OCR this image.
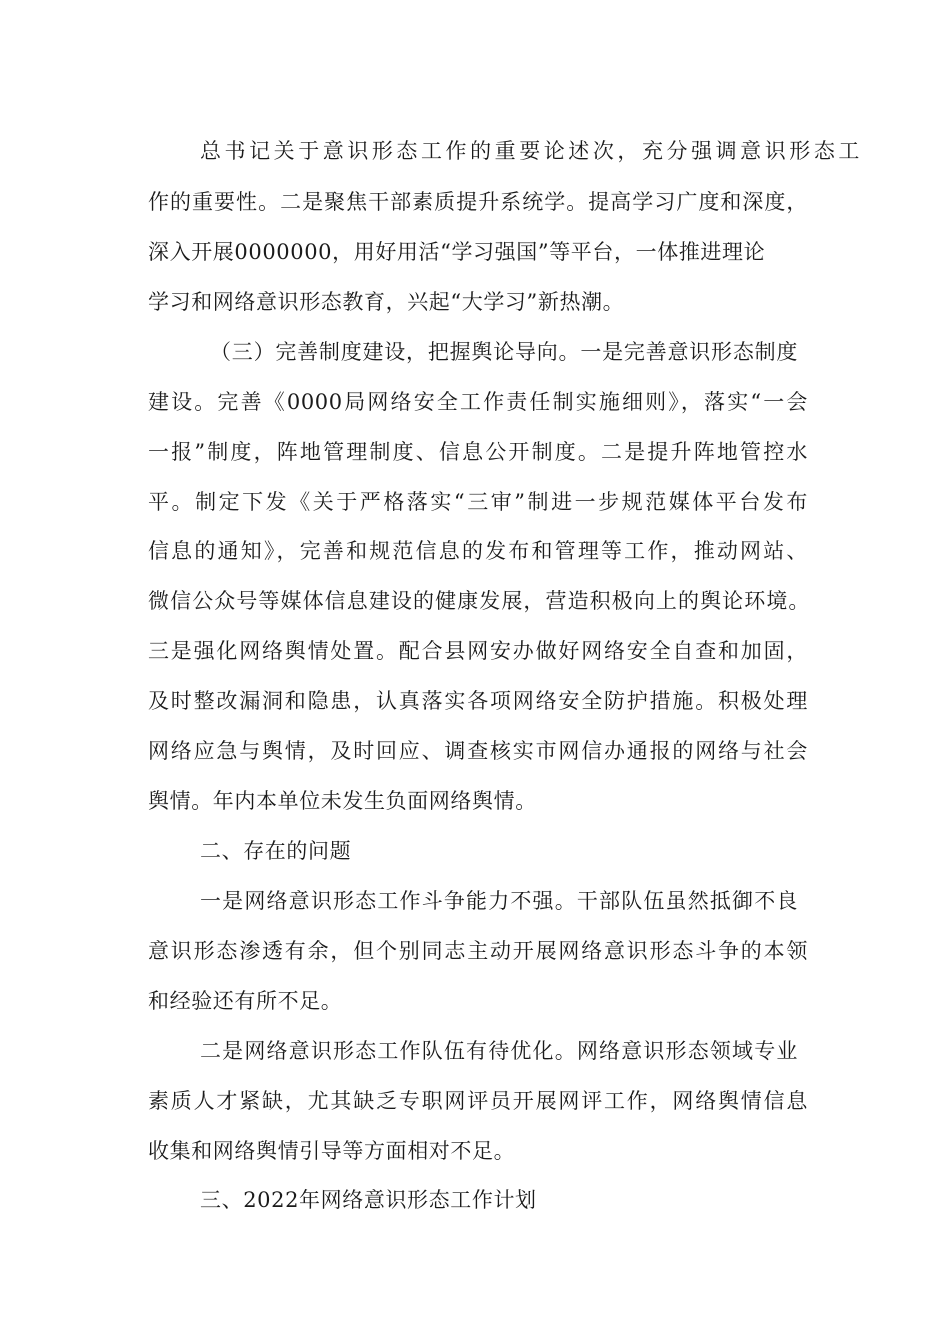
总书记关于意识形态工作的重要论述次，充分强调意识形态工
作的重要性。二是聚焦干部素质提升系统学。提高学习广度和深度，
深入开展0000000，用好用活“学习强国”等平台，一体推进理论
学习和网络意识形态教育，兴起“大学习”新热潮。
（三）完善制度建设，把握舆论导向。一是完善意识形态制度
建设。完善《0000局网络安全工作责任制实施细则》，落实“一会
一报”制度，阵地管理制度、信息公开制度。二是提升阵地管控水
平。制定下发《关于严格落实“三审”制进一步规范媒体平台发布
信息的通知》，完善和规范信息的发布和管理等工作，推动网站、
微信公众号等媒体信息建设的健康发展，营造积极向上的舆论环境。
三是强化网络舆情处置。配合县网安办做好网络安全自查和加固，
及时整改漏洞和隐患，认真落实各项网络安全防护措施。积极处理
网络应急与舆情，及时回应、调查核实市网信办通报的网络与社会
舆情。年内本单位未发生负面网络舆情。
二、存在的问题
一是网络意识形态工作斗争能力不强。干部队伍虽然抵御不良
意识形态渗透有余，但个别同志主动开展网络意识形态斗争的本领
和经验还有所不足。
二是网络意识形态工作队伍有待优化。网络意识形态领域专业
素质人才紧缺，尤其缺乏专职网评员开展网评工作，网络舆情信息
收集和网络舆情引导等方面相对不足。
三、2022年网络意识形态工作计划
